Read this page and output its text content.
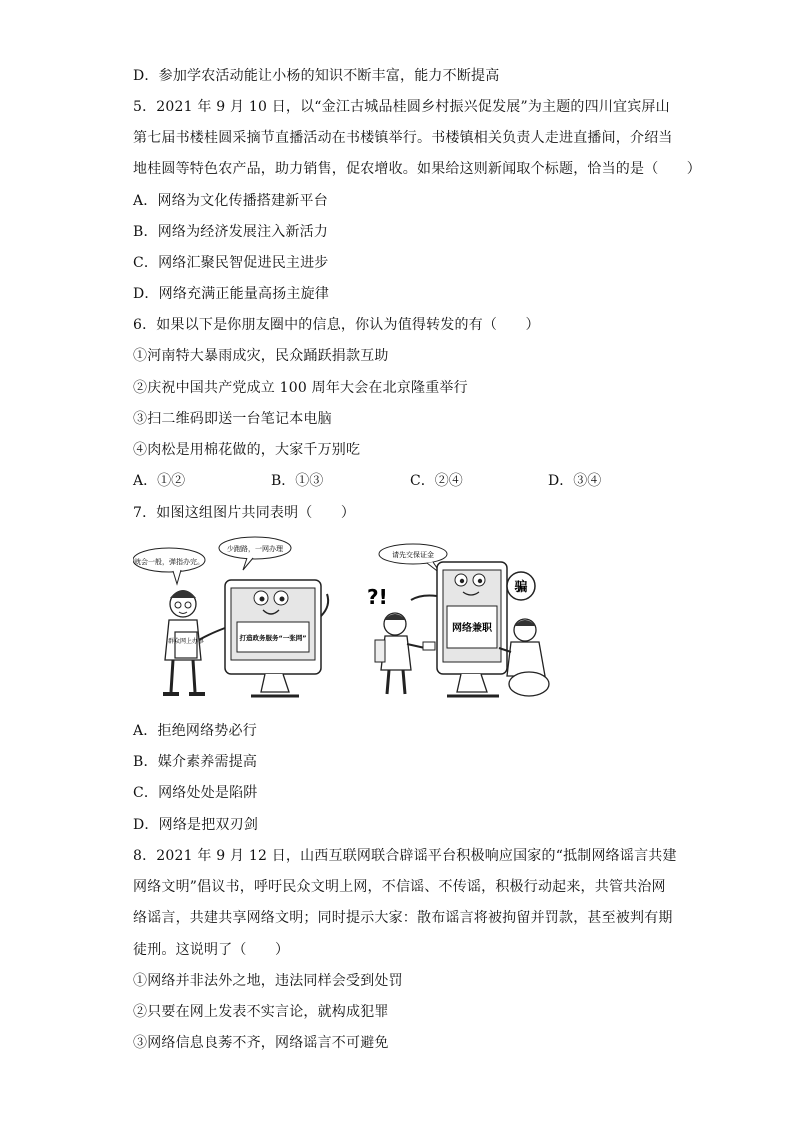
D．参加学农活动能让小杨的知识不断丰富，能力不断提高
5．2021 年 9 月 10 日，以“金江古城品桂圆乡村振兴促发展”为主题的四川宜宾屏山
第七届书楼桂圆采摘节直播活动在书楼镇举行。书楼镇相关负责人走进直播间，介绍当
地桂圆等特色农产品，助力销售，促农增收。如果给这则新闻取个标题，恰当的是（　　）
A．网络为文化传播搭建新平台
B．网络为经济发展注入新活力
C．网络汇聚民智促进民主进步
D．网络充满正能量高扬主旋律
6．如果以下是你朋友圈中的信息，你认为值得转发的有（　　）
①河南特大暴雨成灾，民众踊跃捐款互助
②庆祝中国共产党成立 100 周年大会在北京隆重举行
③扫二维码即送一台笔记本电脑
④肉松是用棉花做的，大家千万别吃
A．①②	B．①③	C．②④	D．③④
7．如图这组图片共同表明（　　）
就会一般，弹指办完。
少跑路，一网办理
群众网上办事	打造政务服务“一张网”
请先交保证金
?!
网络兼职
骗
A．拒绝网络势必行
B．媒介素养需提高
C．网络处处是陷阱
D．网络是把双刃剑
8．2021 年 9 月 12 日，山西互联网联合辟谣平台积极响应国家的“抵制网络谣言共建
网络文明”倡议书，呼吁民众文明上网，不信谣、不传谣，积极行动起来，共管共治网
络谣言，共建共享网络文明；同时提示大家：散布谣言将被拘留并罚款，甚至被判有期
徒刑。这说明了（　　）
①网络并非法外之地，违法同样会受到处罚
②只要在网上发表不实言论，就构成犯罪
③网络信息良莠不齐，网络谣言不可避免
